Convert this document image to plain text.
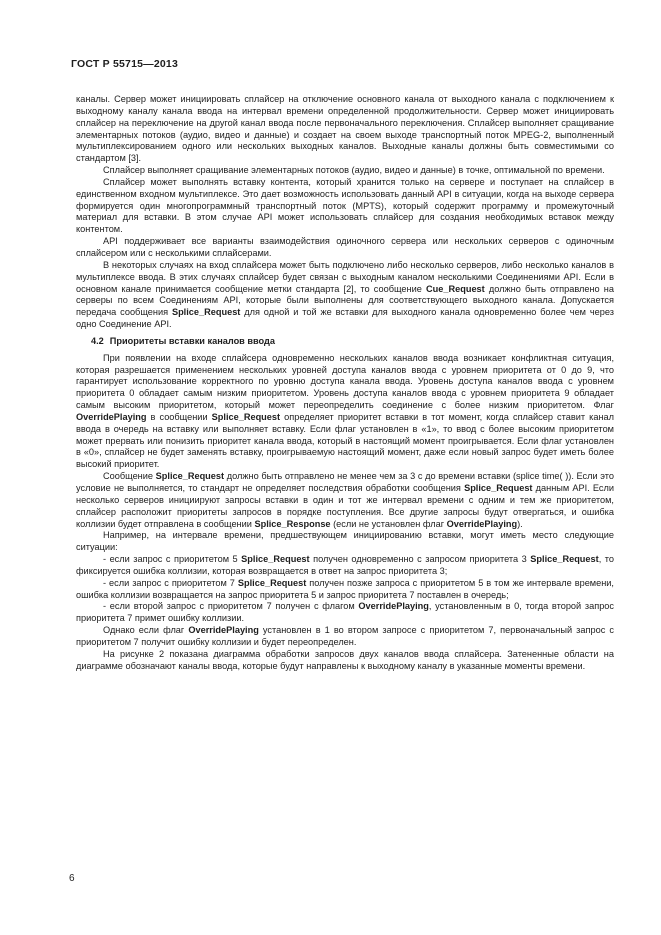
ГОСТ Р 55715—2013

каналы. Сервер может инициировать сплайсер на отключение основного канала от выходного канала с подключением к выходному каналу канала ввода на интервал времени определенной продолжительности. Сервер может инициировать сплайсер на переключение на другой канал ввода после первоначального переключения. Сплайсер выполняет сращивание элементарных потоков (аудио, видео и данные) и создает на своем выходе транспортный поток MPEG-2, выполненный мультиплексированием одного или нескольких выходных каналов. Выходные каналы должны быть совместимыми со стандартом [3].

Сплайсер выполняет сращивание элементарных потоков (аудио, видео и данные) в точке, оптимальной по времени.

Сплайсер может выполнять вставку контента, который хранится только на сервере и поступает на сплайсер в единственном входном мультиплексе. Это дает возможность использовать данный API в ситуации, когда на выходе сервера формируется один многопрограммный транспортный поток (MPTS), который содержит программу и промежуточный материал для вставки. В этом случае API может использовать сплайсер для создания необходимых вставок между контентом.

API поддерживает все варианты взаимодействия одиночного сервера или нескольких серверов с одиночным сплайсером или с несколькими сплайсерами.

В некоторых случаях на вход сплайсера может быть подключено либо несколько серверов, либо несколько каналов в мультиплексе ввода. В этих случаях сплайсер будет связан с выходным каналом несколькими Соединениями API. Если в основном канале принимается сообщение метки стандарта [2], то сообщение Cue_Request должно быть отправлено на серверы по всем Соединениям API, которые были выполнены для соответствующего выходного канала. Допускается передача сообщения Splice_Request для одной и той же вставки для выходного канала одновременно более чем через одно Соединение API.

4.2 Приоритеты вставки каналов ввода

При появлении на входе сплайсера одновременно нескольких каналов ввода возникает конфликтная ситуация, которая разрешается применением нескольких уровней доступа каналов ввода с уровнем приоритета от 0 до 9, что гарантирует использование корректного по уровню доступа канала ввода. Уровень доступа каналов ввода с уровнем приоритета 0 обладает самым низким приоритетом. Уровень доступа каналов ввода с уровнем приоритета 9 обладает самым высоким приоритетом, который может переопределить соединение с более низким приоритетом. Флаг OverridePlaying в сообщении Splice_Request определяет приоритет вставки в тот момент, когда сплайсер ставит канал ввода в очередь на вставку или выполняет вставку. Если флаг установлен в «1», то ввод с более высоким приоритетом может прервать или понизить приоритет канала ввода, который в настоящий момент проигрывается. Если флаг установлен в «0», сплайсер не будет заменять вставку, проигрываемую настоящий момент, даже если новый запрос будет иметь более высокий приоритет.

Сообщение Splice_Request должно быть отправлено не менее чем за 3 с до времени вставки (splice time( )). Если это условие не выполняется, то стандарт не определяет последствия обработки сообщения Splice_Request данным API. Если несколько серверов инициируют запросы вставки в один и тот же интервал времени с одним и тем же приоритетом, сплайсер расположит приоритеты запросов в порядке поступления. Все другие запросы будут отвергаться, и ошибка коллизии будет отправлена в сообщении Splice_Response (если не установлен флаг OverridePlaying).

Например, на интервале времени, предшествующем инициированию вставки, могут иметь место следующие ситуации:

- если запрос с приоритетом 5 Splice_Request получен одновременно с запросом приоритета 3 Splice_Request, то фиксируется ошибка коллизии, которая возвращается в ответ на запрос приоритета 3;

- если запрос с приоритетом 7 Splice_Request получен позже запроса с приоритетом 5 в том же интервале времени, ошибка коллизии возвращается на запрос приоритета 5 и запрос приоритета 7 поставлен в очередь;

- если второй запрос с приоритетом 7 получен с флагом OverridePlaying, установленным в 0, тогда второй запрос приоритета 7 примет ошибку коллизии.

Однако если флаг OverridePlaying установлен в 1 во втором запросе с приоритетом 7, первоначальный запрос с приоритетом 7 получит ошибку коллизии и будет переопределен.

На рисунке 2 показана диаграмма обработки запросов двух каналов ввода сплайсера. Затененные области на диаграмме обозначают каналы ввода, которые будут направлены к выходному каналу в указанные моменты времени.

6
